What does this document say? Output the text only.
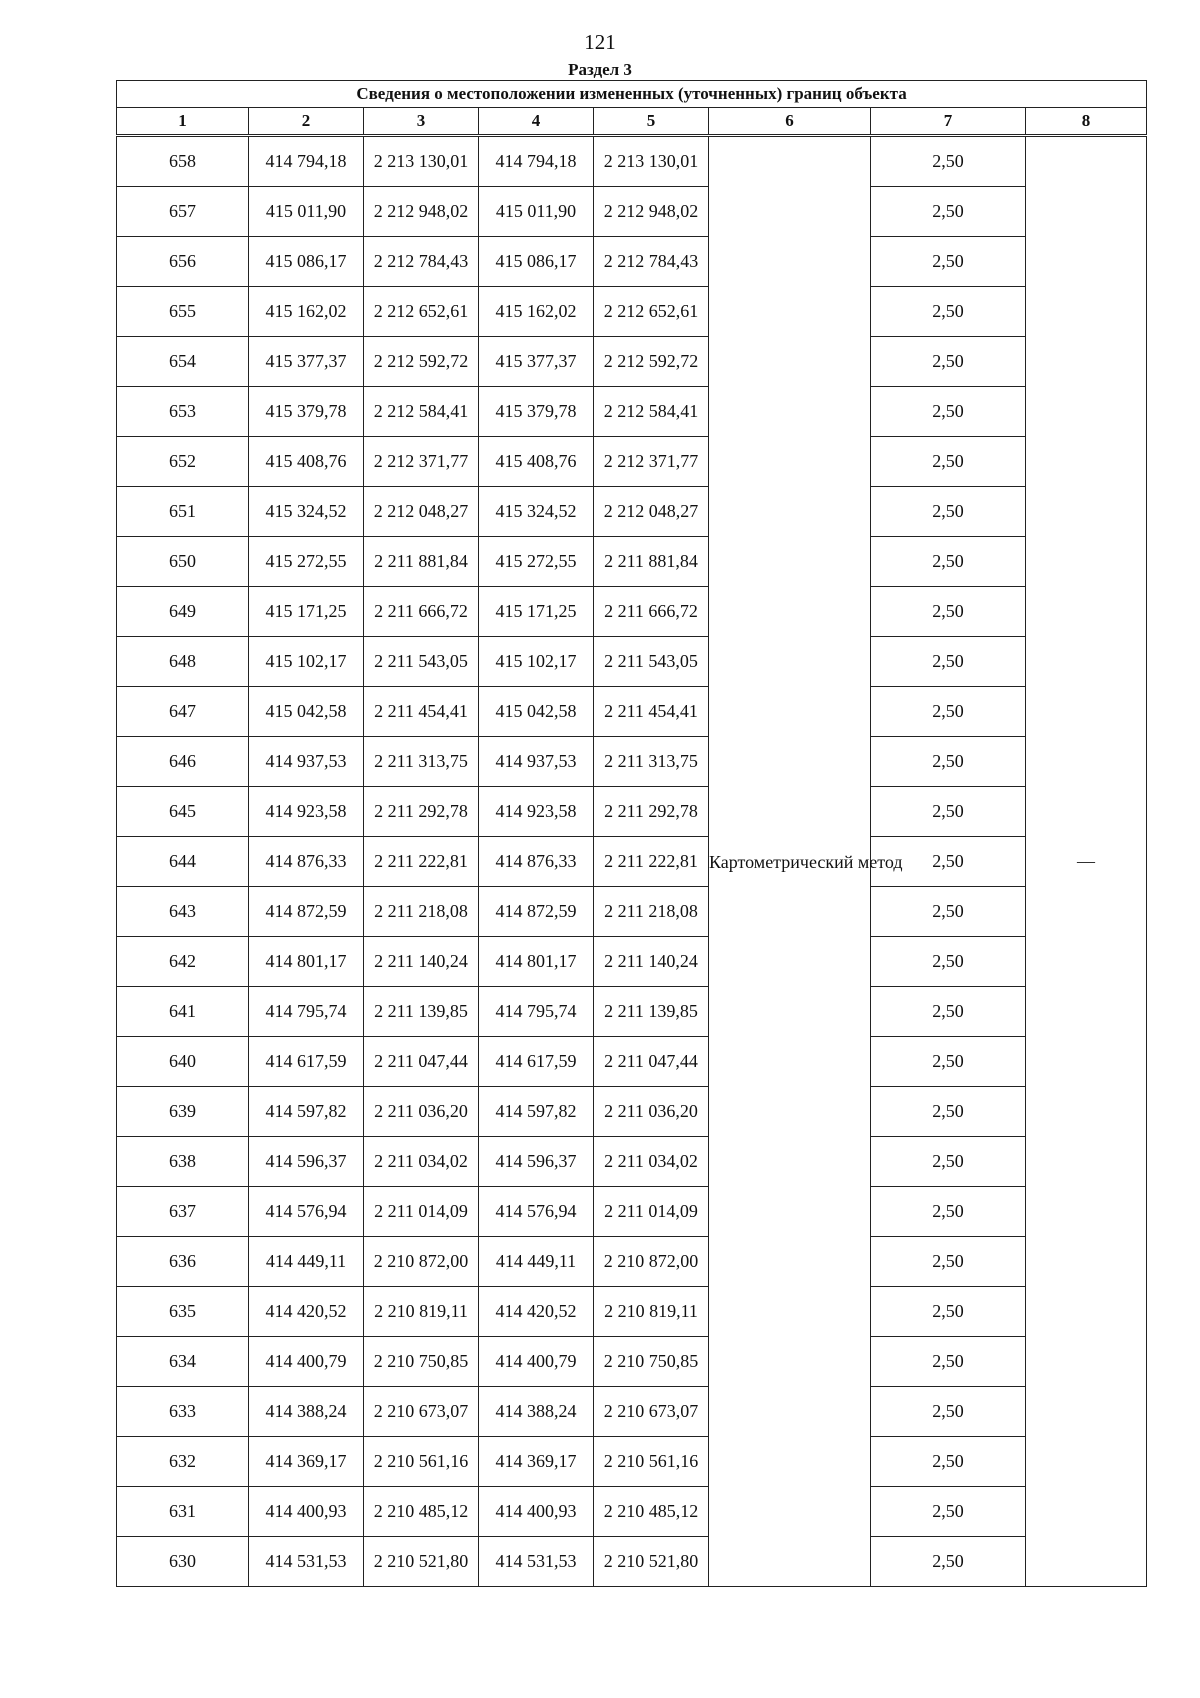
121
Раздел 3
Сведения о местоположении измененных (уточненных) границ объекта							
1	2	3	4	5	6	7	8
658	414 794,18	2 213 130,01	414 794,18	2 213 130,01	Картометрический метод	2,50	—
657	415 011,90	2 212 948,02	415 011,90	2 212 948,02		2,50	
656	415 086,17	2 212 784,43	415 086,17	2 212 784,43		2,50	
655	415 162,02	2 212 652,61	415 162,02	2 212 652,61		2,50	
654	415 377,37	2 212 592,72	415 377,37	2 212 592,72		2,50	
653	415 379,78	2 212 584,41	415 379,78	2 212 584,41		2,50	
652	415 408,76	2 212 371,77	415 408,76	2 212 371,77		2,50	
651	415 324,52	2 212 048,27	415 324,52	2 212 048,27		2,50	
650	415 272,55	2 211 881,84	415 272,55	2 211 881,84		2,50	
649	415 171,25	2 211 666,72	415 171,25	2 211 666,72		2,50	
648	415 102,17	2 211 543,05	415 102,17	2 211 543,05		2,50	
647	415 042,58	2 211 454,41	415 042,58	2 211 454,41		2,50	
646	414 937,53	2 211 313,75	414 937,53	2 211 313,75		2,50	
645	414 923,58	2 211 292,78	414 923,58	2 211 292,78		2,50	
644	414 876,33	2 211 222,81	414 876,33	2 211 222,81		2,50	
643	414 872,59	2 211 218,08	414 872,59	2 211 218,08		2,50	
642	414 801,17	2 211 140,24	414 801,17	2 211 140,24		2,50	
641	414 795,74	2 211 139,85	414 795,74	2 211 139,85		2,50	
640	414 617,59	2 211 047,44	414 617,59	2 211 047,44		2,50	
639	414 597,82	2 211 036,20	414 597,82	2 211 036,20		2,50	
638	414 596,37	2 211 034,02	414 596,37	2 211 034,02		2,50	
637	414 576,94	2 211 014,09	414 576,94	2 211 014,09		2,50	
636	414 449,11	2 210 872,00	414 449,11	2 210 872,00		2,50	
635	414 420,52	2 210 819,11	414 420,52	2 210 819,11		2,50	
634	414 400,79	2 210 750,85	414 400,79	2 210 750,85		2,50	
633	414 388,24	2 210 673,07	414 388,24	2 210 673,07		2,50	
632	414 369,17	2 210 561,16	414 369,17	2 210 561,16		2,50	
631	414 400,93	2 210 485,12	414 400,93	2 210 485,12		2,50	
630	414 531,53	2 210 521,80	414 531,53	2 210 521,80		2,50	
